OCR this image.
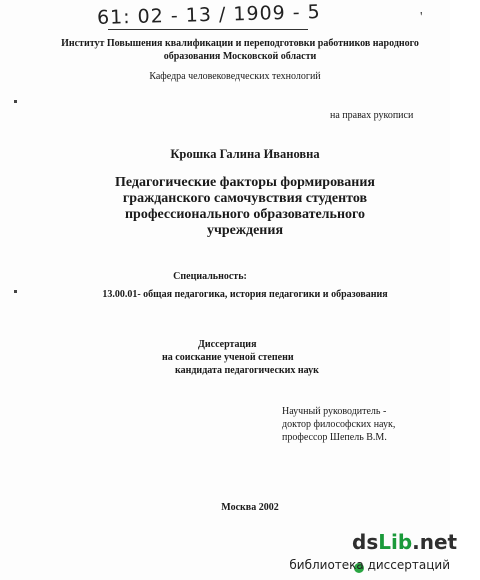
61: 02 - 13 / 1909 - 5	'
Институт Повышения квалификации и переподготовки работников народного образования Московской области
Кафедра человековедческих технологий
на правах рукописи
Крошка Галина Ивановна
Педагогические факторы формирования гражданского самочувствия студентов профессионального образовательного учреждения
Специальность:
13.00.01- общая педагогика, история педагогики и образования
Диссертация
на соискание ученой степени
кандидата педагогических наук
Научный руководитель -
доктор философских наук,
профессор Шепель В.М.
Москва 2002
dsLib.net
библиотека диссертаций
